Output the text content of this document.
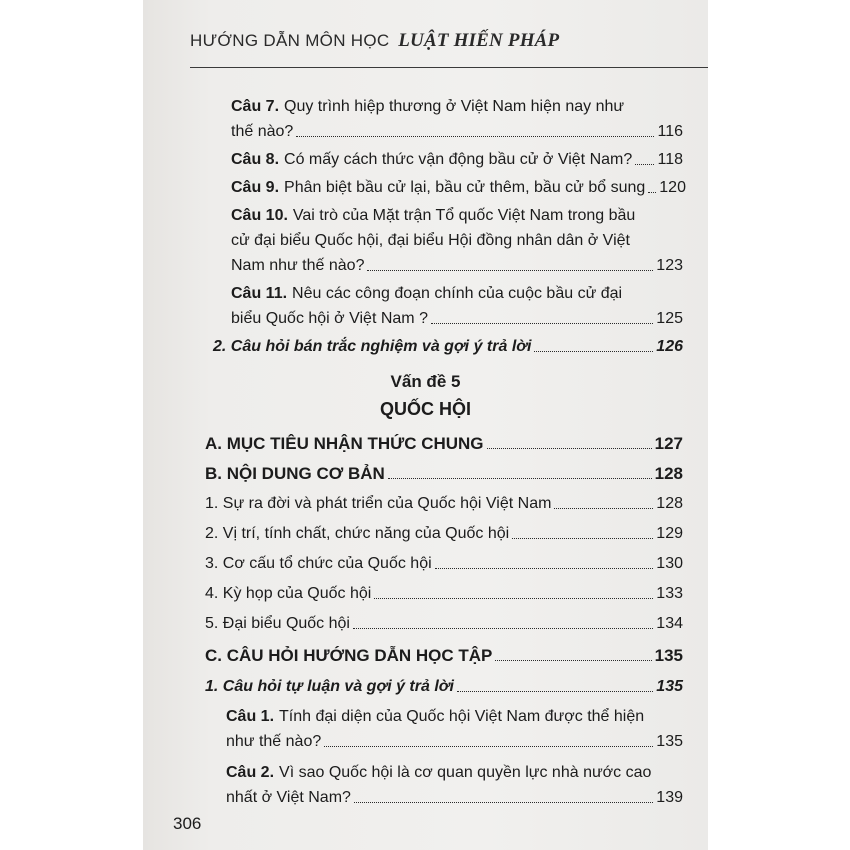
HƯỚNG DẪN MÔN HỌC LUẬT HIẾN PHÁP
Câu 7. Quy trình hiệp thương ở Việt Nam hiện nay như
thế nào?	116
Câu 8. Có mấy cách thức vận động bầu cử ở Việt Nam? 118
Câu 9. Phân biệt bầu cử lại, bầu cử thêm, bầu cử bổ sung 120
Câu 10. Vai trò của Mặt trận Tổ quốc Việt Nam trong bầu
cử đại biểu Quốc hội, đại biểu Hội đồng nhân dân ở Việt
Nam như thế nào?	123
Câu 11. Nêu các công đoạn chính của cuộc bầu cử đại
biểu Quốc hội ở Việt Nam ?	125
2. Câu hỏi bán trắc nghiệm và gợi ý trả lời	126
Vấn đề 5
QUỐC HỘI
A. MỤC TIÊU NHẬN THỨC CHUNG	127
B. NỘI DUNG CƠ BẢN	128
1. Sự ra đời và phát triển của Quốc hội Việt Nam	128
2. Vị trí, tính chất, chức năng của Quốc hội	129
3. Cơ cấu tổ chức của Quốc hội	130
4. Kỳ họp của Quốc hội	133
5. Đại biểu Quốc hội	134
C. CÂU HỎI HƯỚNG DẪN HỌC TẬP	135
1. Câu hỏi tự luận và gợi ý trả lời	135
Câu 1. Tính đại diện của Quốc hội Việt Nam được thể hiện
như thế nào?	135
Câu 2. Vì sao Quốc hội là cơ quan quyền lực nhà nước cao
nhất ở Việt Nam?	139
306
